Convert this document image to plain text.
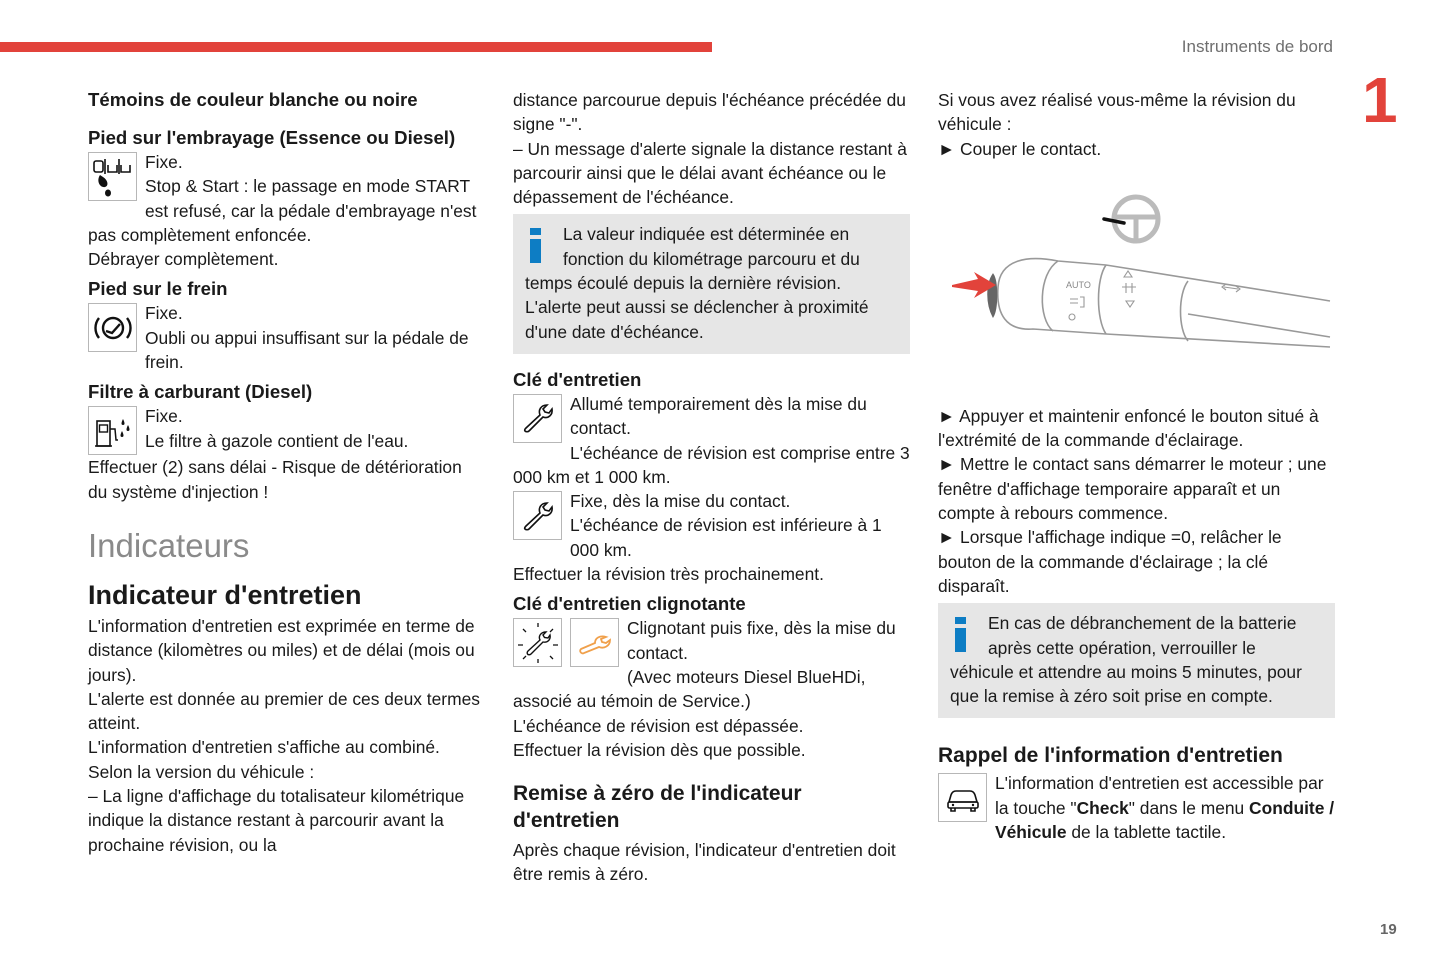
Instruments de bord
1
19
Témoins de couleur blanche ou noire
Pied sur l'embrayage (Essence ou Diesel)

Fixe.

Stop & Start : le passage en mode START est refusé, car la pédale d'embrayage n'est pas complètement enfoncée.

Débrayer complètement.

Pied sur le frein

Fixe.

Oubli ou appui insuffisant sur la pédale de frein.

Filtre à carburant (Diesel)

Fixe.

Le filtre à gazole contient de l'eau.

Effectuer (2) sans délai - Risque de détérioration du système d'injection !

Indicateurs
Indicateur d'entretien

L'information d'entretien est exprimée en terme de distance (kilomètres ou miles) et de délai (mois ou jours).

L'alerte est donnée au premier de ces deux termes atteint.

L'information d'entretien s'affiche au combiné.

Selon la version du véhicule :

– La ligne d'affichage du totalisateur kilométrique indique la distance restant à parcourir avant la prochaine révision, ou la

distance parcourue depuis l'échéance précédée du signe "-".

– Un message d'alerte signale la distance restant à parcourir ainsi que le délai avant échéance ou le dépassement de l'échéance.

La valeur indiquée est déterminée en fonction du kilométrage parcouru et du temps écoulé depuis la dernière révision. L'alerte peut aussi se déclencher à proximité d'une date d'échéance.

Clé d'entretien

Allumé temporairement dès la mise du contact.

L'échéance de révision est comprise entre 3 000 km et 1 000 km.

Fixe, dès la mise du contact.

L'échéance de révision est inférieure à 1 000 km.

Effectuer la révision très prochainement.

Clé d'entretien clignotante

Clignotant puis fixe, dès la mise du contact.

(Avec moteurs Diesel BlueHDi, associé au témoin de Service.)

L'échéance de révision est dépassée.

Effectuer la révision dès que possible.

Remise à zéro de l'indicateur d'entretien

Après chaque révision, l'indicateur d'entretien doit être remis à zéro.

Si vous avez réalisé vous-même la révision du véhicule :

► Couper le contact.

AUTO

► Appuyer et maintenir enfoncé le bouton situé à l'extrémité de la commande d'éclairage.

► Mettre le contact sans démarrer le moteur ; une fenêtre d'affichage temporaire apparaît et un compte à rebours commence.

► Lorsque l'affichage indique =0, relâcher le bouton de la commande d'éclairage ; la clé disparaît.

En cas de débranchement de la batterie après cette opération, verrouiller le véhicule et attendre au moins 5 minutes, pour que la remise à zéro soit prise en compte.

Rappel de l'information d'entretien

L'information d'entretien est accessible par la touche "Check" dans le menu Conduite / Véhicule de la tablette tactile.
